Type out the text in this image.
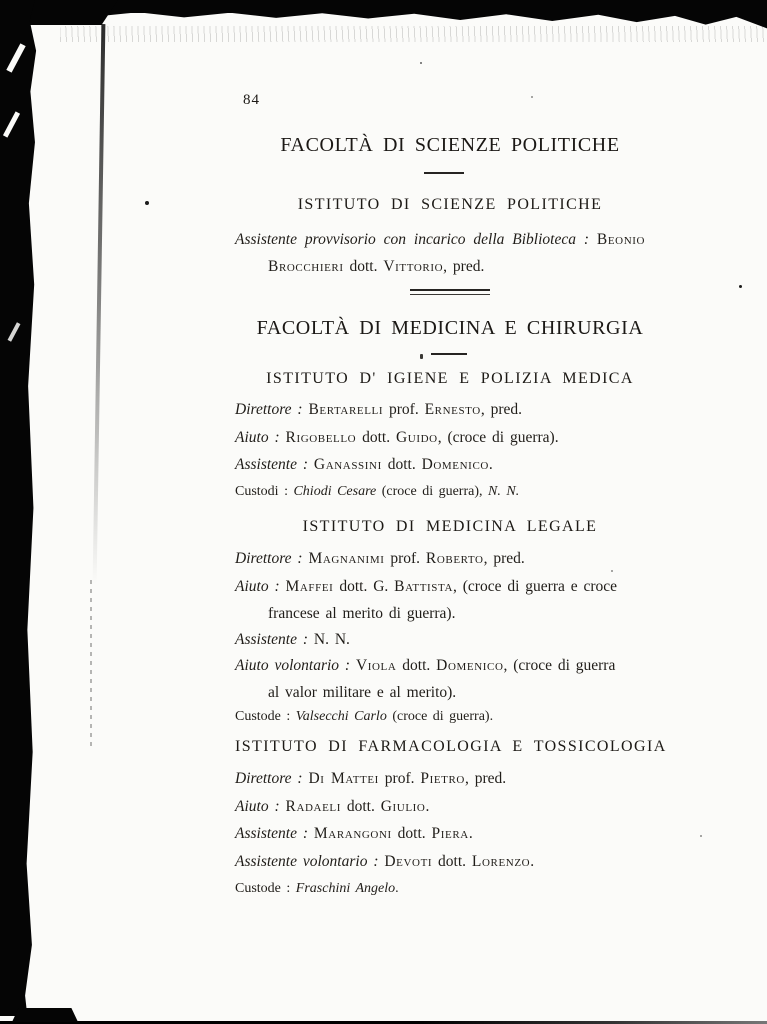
84
FACOLTÀ DI SCIENZE POLITICHE
ISTITUTO DI SCIENZE POLITICHE
Assistente provvisorio con incarico della Biblioteca : Beonio
Brocchieri dott. Vittorio, pred.
FACOLTÀ DI MEDICINA E CHIRURGIA
ISTITUTO D' IGIENE E POLIZIA MEDICA
Direttore : Bertarelli prof. Ernesto, pred.
Aiuto : Rigobello dott. Guido, (croce di guerra).
Assistente : Ganassini dott. Domenico.
Custodi : Chiodi Cesare (croce di guerra), N. N.
ISTITUTO DI MEDICINA LEGALE
Direttore : Magnanimi prof. Roberto, pred.
Aiuto : Maffei dott. G. Battista, (croce di guerra e croce
francese al merito di guerra).
Assistente : N. N.
Aiuto volontario : Viola dott. Domenico, (croce di guerra
al valor militare e al merito).
Custode : Valsecchi Carlo (croce di guerra).
ISTITUTO DI FARMACOLOGIA E TOSSICOLOGIA
Direttore : Di Mattei prof. Pietro, pred.
Aiuto : Radaeli dott. Giulio.
Assistente : Marangoni dott. Piera.
Assistente volontario : Devoti dott. Lorenzo.
Custode : Fraschini Angelo.
